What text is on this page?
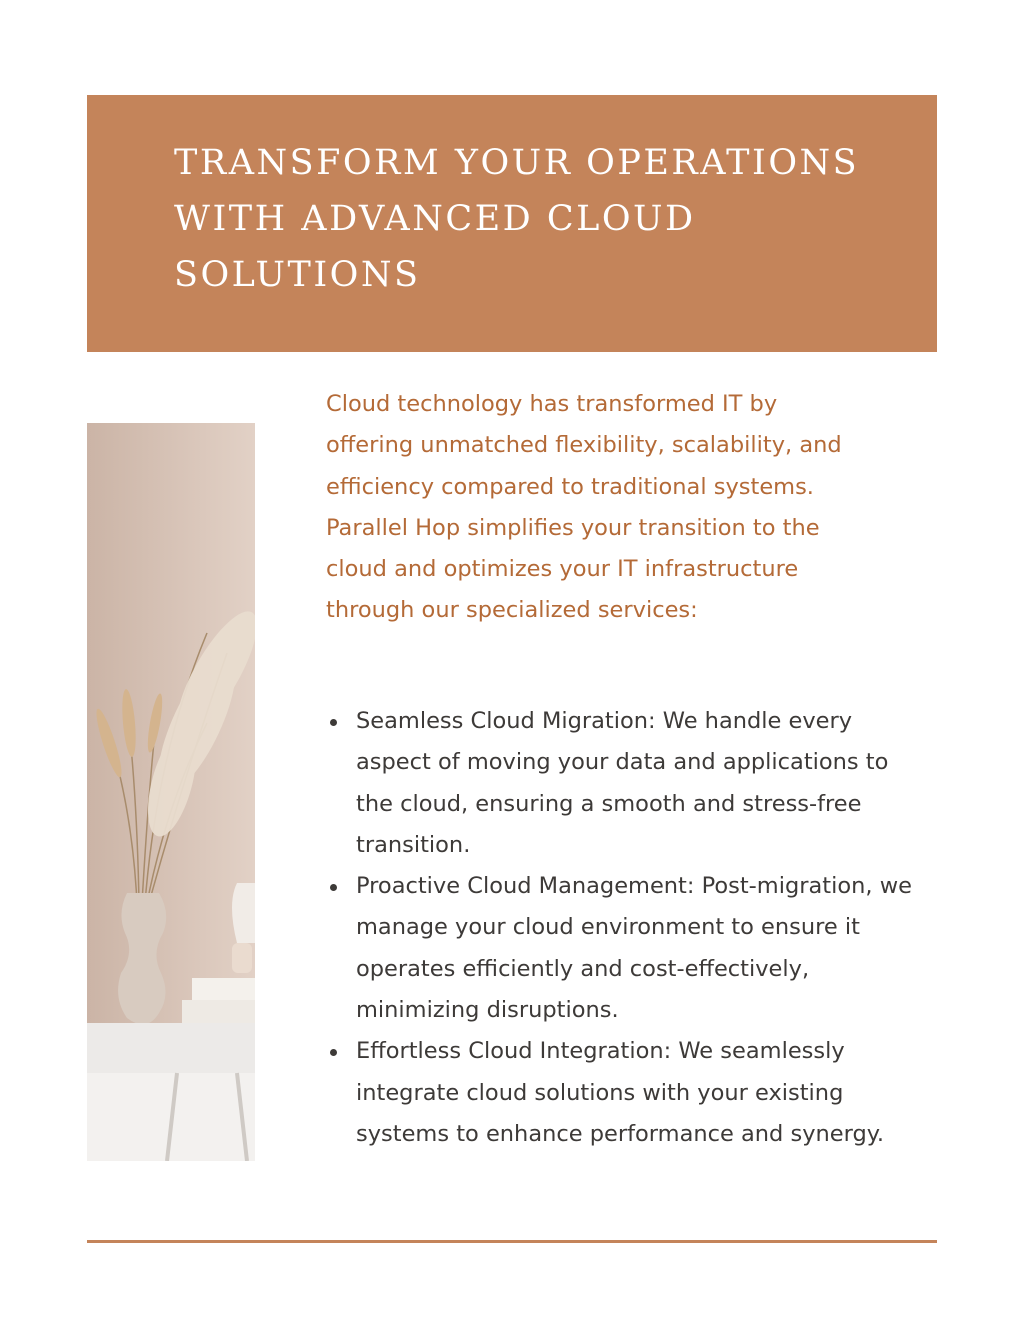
TRANSFORM YOUR OPERATIONS WITH ADVANCED CLOUD SOLUTIONS

Cloud technology has transformed IT by offering unmatched flexibility, scalability, and efficiency compared to traditional systems. Parallel Hop simplifies your transition to the cloud and optimizes your IT infrastructure through our specialized services:

Seamless Cloud Migration: We handle every aspect of moving your data and applications to the cloud, ensuring a smooth and stress-free transition.
Proactive Cloud Management: Post-migration, we manage your cloud environment to ensure it operates efficiently and cost-effectively, minimizing disruptions.
Effortless Cloud Integration: We seamlessly integrate cloud solutions with your existing systems to enhance performance and synergy.
